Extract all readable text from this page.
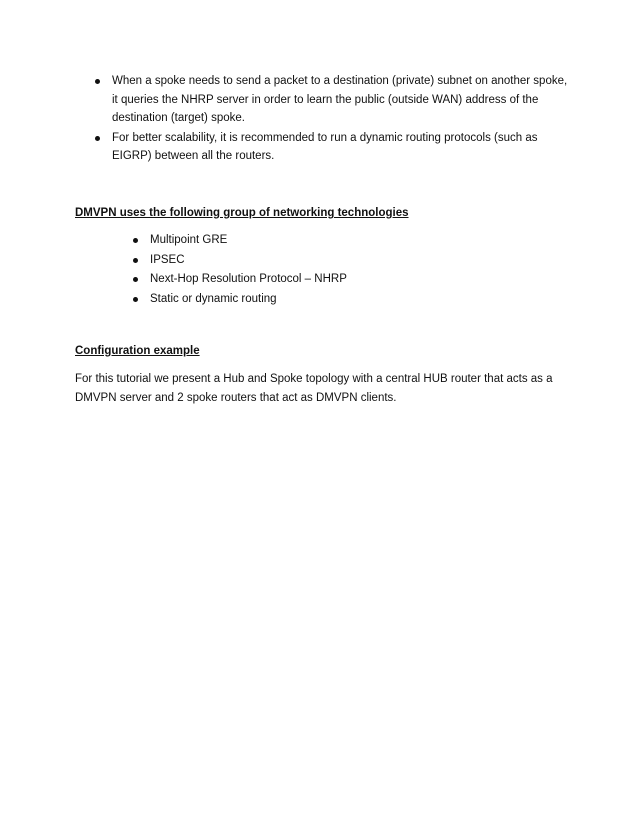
When a spoke needs to send a packet to a destination (private) subnet on another spoke, it queries the NHRP server in order to learn the public (outside WAN) address of the destination (target) spoke.
For better scalability, it is recommended to run a dynamic routing protocols (such as EIGRP) between all the routers.
DMVPN uses the following group of networking technologies
Multipoint GRE
IPSEC
Next-Hop Resolution Protocol – NHRP
Static or dynamic routing
Configuration example

For this tutorial we present a Hub and Spoke topology with a central HUB router that acts as a DMVPN server and 2 spoke routers that act as DMVPN clients.
